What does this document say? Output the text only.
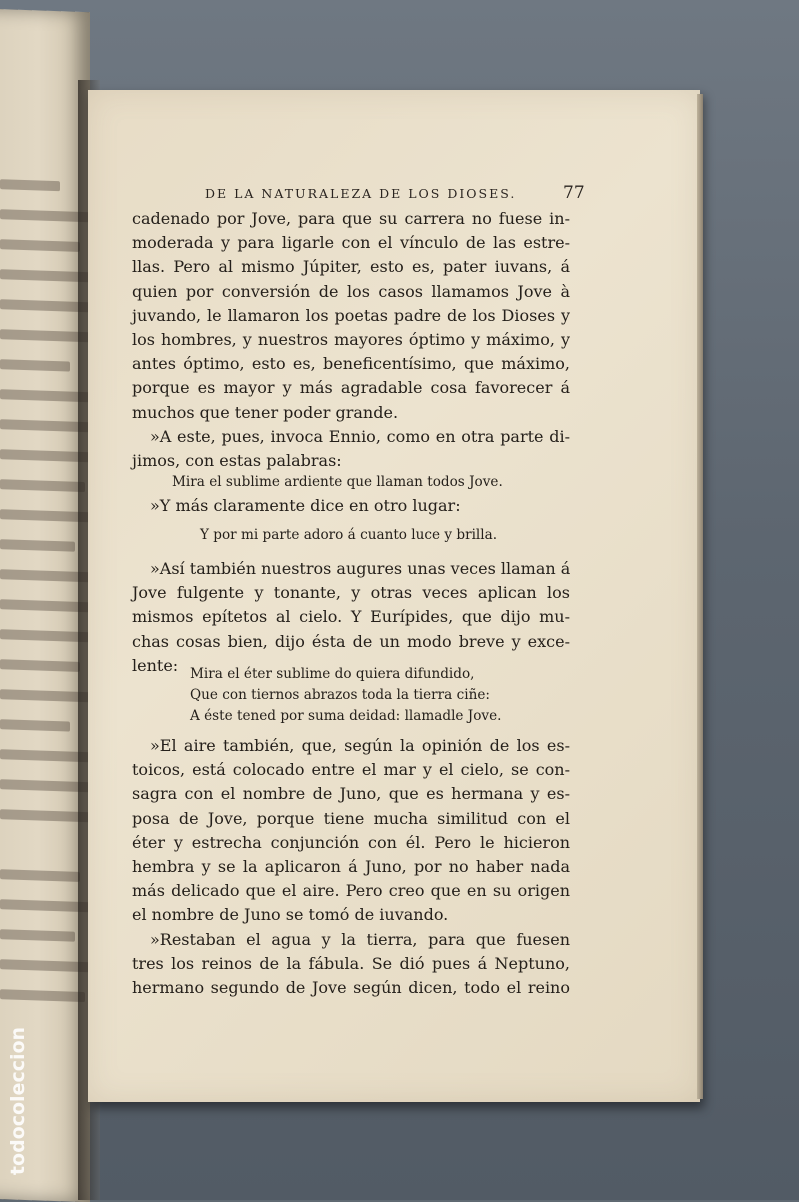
DE LA NATURALEZA DE LOS DIOSES.	77
cadenado por Jove, para que su carrera no fuese in-
moderada y para ligarle con el vínculo de las estre-
llas. Pero al mismo Júpiter, esto es, pater iuvans, á
quien por conversión de los casos llamamos Jove à
juvando, le llamaron los poetas padre de los Dioses y
los hombres, y nuestros mayores óptimo y máximo, y
antes óptimo, esto es, beneficentísimo, que máximo,
porque es mayor y más agradable cosa favorecer á
muchos que tener poder grande.
»A este, pues, invoca Ennio, como en otra parte di-
jimos, con estas palabras:
Mira el sublime ardiente que llaman todos Jove.
»Y más claramente dice en otro lugar:
Y por mi parte adoro á cuanto luce y brilla.
»Así también nuestros augures unas veces llaman á
Jove fulgente y tonante, y otras veces aplican los
mismos epítetos al cielo. Y Eurípides, que dijo mu-
chas cosas bien, dijo ésta de un modo breve y exce-
lente: Mira el éter sublime do quiera difundido,
Que con tiernos abrazos toda la tierra ciñe:
A éste tened por suma deidad: llamadle Jove.
»El aire también, que, según la opinión de los es-
toicos, está colocado entre el mar y el cielo, se con-
sagra con el nombre de Juno, que es hermana y es-
posa de Jove, porque tiene mucha similitud con el
éter y estrecha conjunción con él. Pero le hicieron
hembra y se la aplicaron á Juno, por no haber nada
más delicado que el aire. Pero creo que en su origen
el nombre de Juno se tomó de iuvando.
»Restaban el agua y la tierra, para que fuesen
tres los reinos de la fábula. Se dió pues á Neptuno,
hermano segundo de Jove según dicen, todo el reino
todocoleccion
